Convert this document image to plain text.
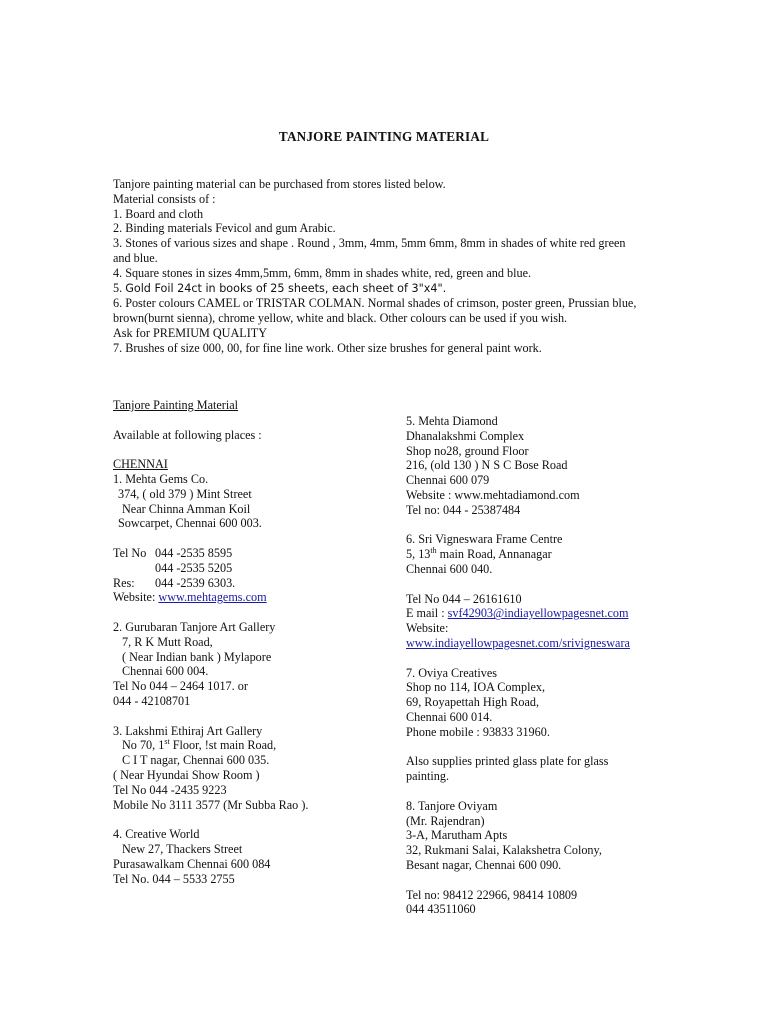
TANJORE PAINTING MATERIAL
Tanjore painting material can be purchased from stores listed below.
Material consists of :
1. Board and cloth
2. Binding materials Fevicol and gum Arabic.
3. Stones of various sizes and shape . Round , 3mm, 4mm, 5mm 6mm, 8mm in shades of white red green
and blue.
4. Square stones in sizes 4mm,5mm, 6mm, 8mm in shades white, red, green and blue.
5. Gold Foil 24ct in books of 25 sheets, each sheet of 3"x4".
6. Poster colours CAMEL or TRISTAR COLMAN. Normal shades of crimson, poster green, Prussian blue,
brown(burnt sienna), chrome yellow, white and black. Other colours can be used if you wish.
Ask for PREMIUM QUALITY
7. Brushes of size 000, 00, for fine line work. Other size brushes for general paint work.
Tanjore Painting Material
Available at following places :
CHENNAI
1. Mehta Gems Co.
374, ( old 379 ) Mint Street
Near Chinna Amman Koil
Sowcarpet, Chennai 600 003.
Tel No 044 -2535 8595
044 -2535 5205
Res: 044 -2539 6303.
Website: www.mehtagems.com
2. Gurubaran Tanjore Art Gallery
7, R K Mutt Road,
( Near Indian bank ) Mylapore
Chennai 600 004.
Tel No 044 – 2464 1017. or
044 - 42108701
3. Lakshmi Ethiraj Art Gallery
No 70, 1st Floor, !st main Road,
C I T nagar, Chennai 600 035.
( Near Hyundai Show Room )
Tel No 044 -2435 9223
Mobile No 3111 3577 (Mr Subba Rao ).
4. Creative World
New 27, Thackers Street
Purasawalkam Chennai 600 084
Tel No. 044 – 5533 2755
5. Mehta Diamond
Dhanalakshmi Complex
Shop no28, ground Floor
216, (old 130 ) N S C Bose Road
Chennai 600 079
Website : www.mehtadiamond.com
Tel no: 044 - 25387484
6. Sri Vigneswara Frame Centre
5, 13th main Road, Annanagar
Chennai 600 040.
Tel No 044 – 26161610
E mail : svf42903@indiayellowpagesnet.com
Website:
www.indiayellowpagesnet.com/srivigneswara
7. Oviya Creatives
Shop no 114, IOA Complex,
69, Royapettah High Road,
Chennai 600 014.
Phone mobile : 93833 31960.
Also supplies printed glass plate for glass
painting.
8. Tanjore Oviyam
(Mr. Rajendran)
3-A, Marutham Apts
32, Rukmani Salai, Kalakshetra Colony,
Besant nagar, Chennai 600 090.
Tel no: 98412 22966, 98414 10809
044 43511060
